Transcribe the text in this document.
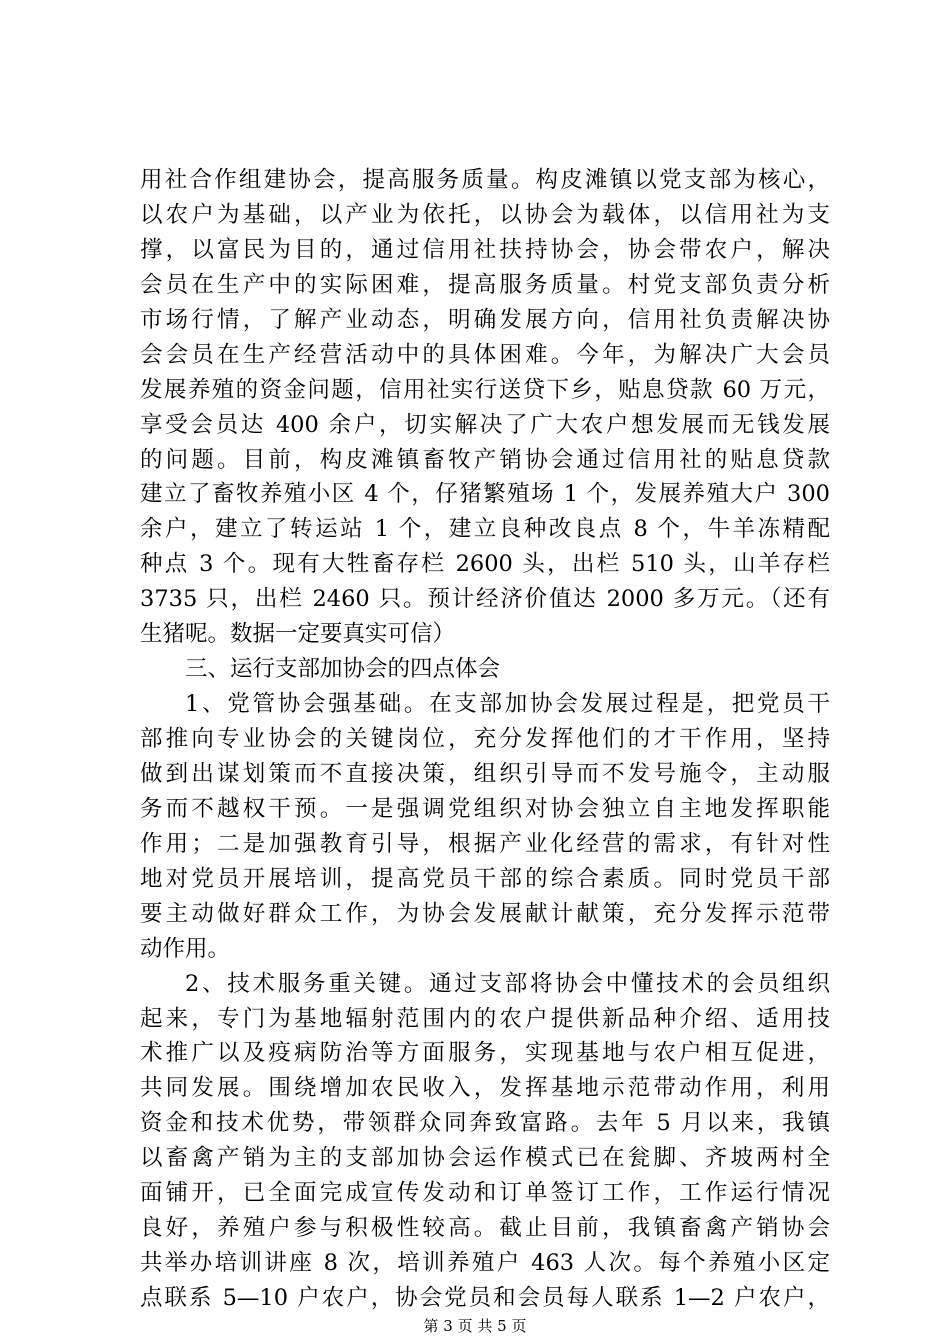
用社合作组建协会，提高服务质量。构皮滩镇以党支部为核心，
以农户为基础，以产业为依托，以协会为载体，以信用社为支
撑，以富民为目的，通过信用社扶持协会，协会带农户，解决
会员在生产中的实际困难，提高服务质量。村党支部负责分析
市场行情，了解产业动态，明确发展方向，信用社负责解决协
会会员在生产经营活动中的具体困难。今年，为解决广大会员
发展养殖的资金问题，信用社实行送贷下乡，贴息贷款 60 万元，
享受会员达 400 余户，切实解决了广大农户想发展而无钱发展
的问题。目前，构皮滩镇畜牧产销协会通过信用社的贴息贷款
建立了畜牧养殖小区 4 个，仔猪繁殖场 1 个，发展养殖大户 300
余户，建立了转运站 1 个，建立良种改良点 8 个，牛羊冻精配
种点 3 个。现有大牲畜存栏 2600 头，出栏 510 头，山羊存栏
3735 只，出栏 2460 只。预计经济价值达 2000 多万元。（还有
生猪呢。数据一定要真实可信）
三、运行支部加协会的四点体会
1、党管协会强基础。在支部加协会发展过程是，把党员干
部推向专业协会的关键岗位，充分发挥他们的才干作用，坚持
做到出谋划策而不直接决策，组织引导而不发号施令，主动服
务而不越权干预。一是强调党组织对协会独立自主地发挥职能
作用；二是加强教育引导，根据产业化经营的需求，有针对性
地对党员开展培训，提高党员干部的综合素质。同时党员干部
要主动做好群众工作，为协会发展献计献策，充分发挥示范带
动作用。
2、技术服务重关键。通过支部将协会中懂技术的会员组织
起来，专门为基地辐射范围内的农户提供新品种介绍、适用技
术推广以及疫病防治等方面服务，实现基地与农户相互促进，
共同发展。围绕增加农民收入，发挥基地示范带动作用，利用
资金和技术优势，带领群众同奔致富路。去年 5 月以来，我镇
以畜禽产销为主的支部加协会运作模式已在瓮脚、齐坡两村全
面铺开，已全面完成宣传发动和订单签订工作，工作运行情况
良好，养殖户参与积极性较高。截止目前，我镇畜禽产销协会
共举办培训讲座 8 次，培训养殖户 463 人次。每个养殖小区定
点联系 5—10 户农户，协会党员和会员每人联系 1—2 户农户，
第 3 页 共 5 页
